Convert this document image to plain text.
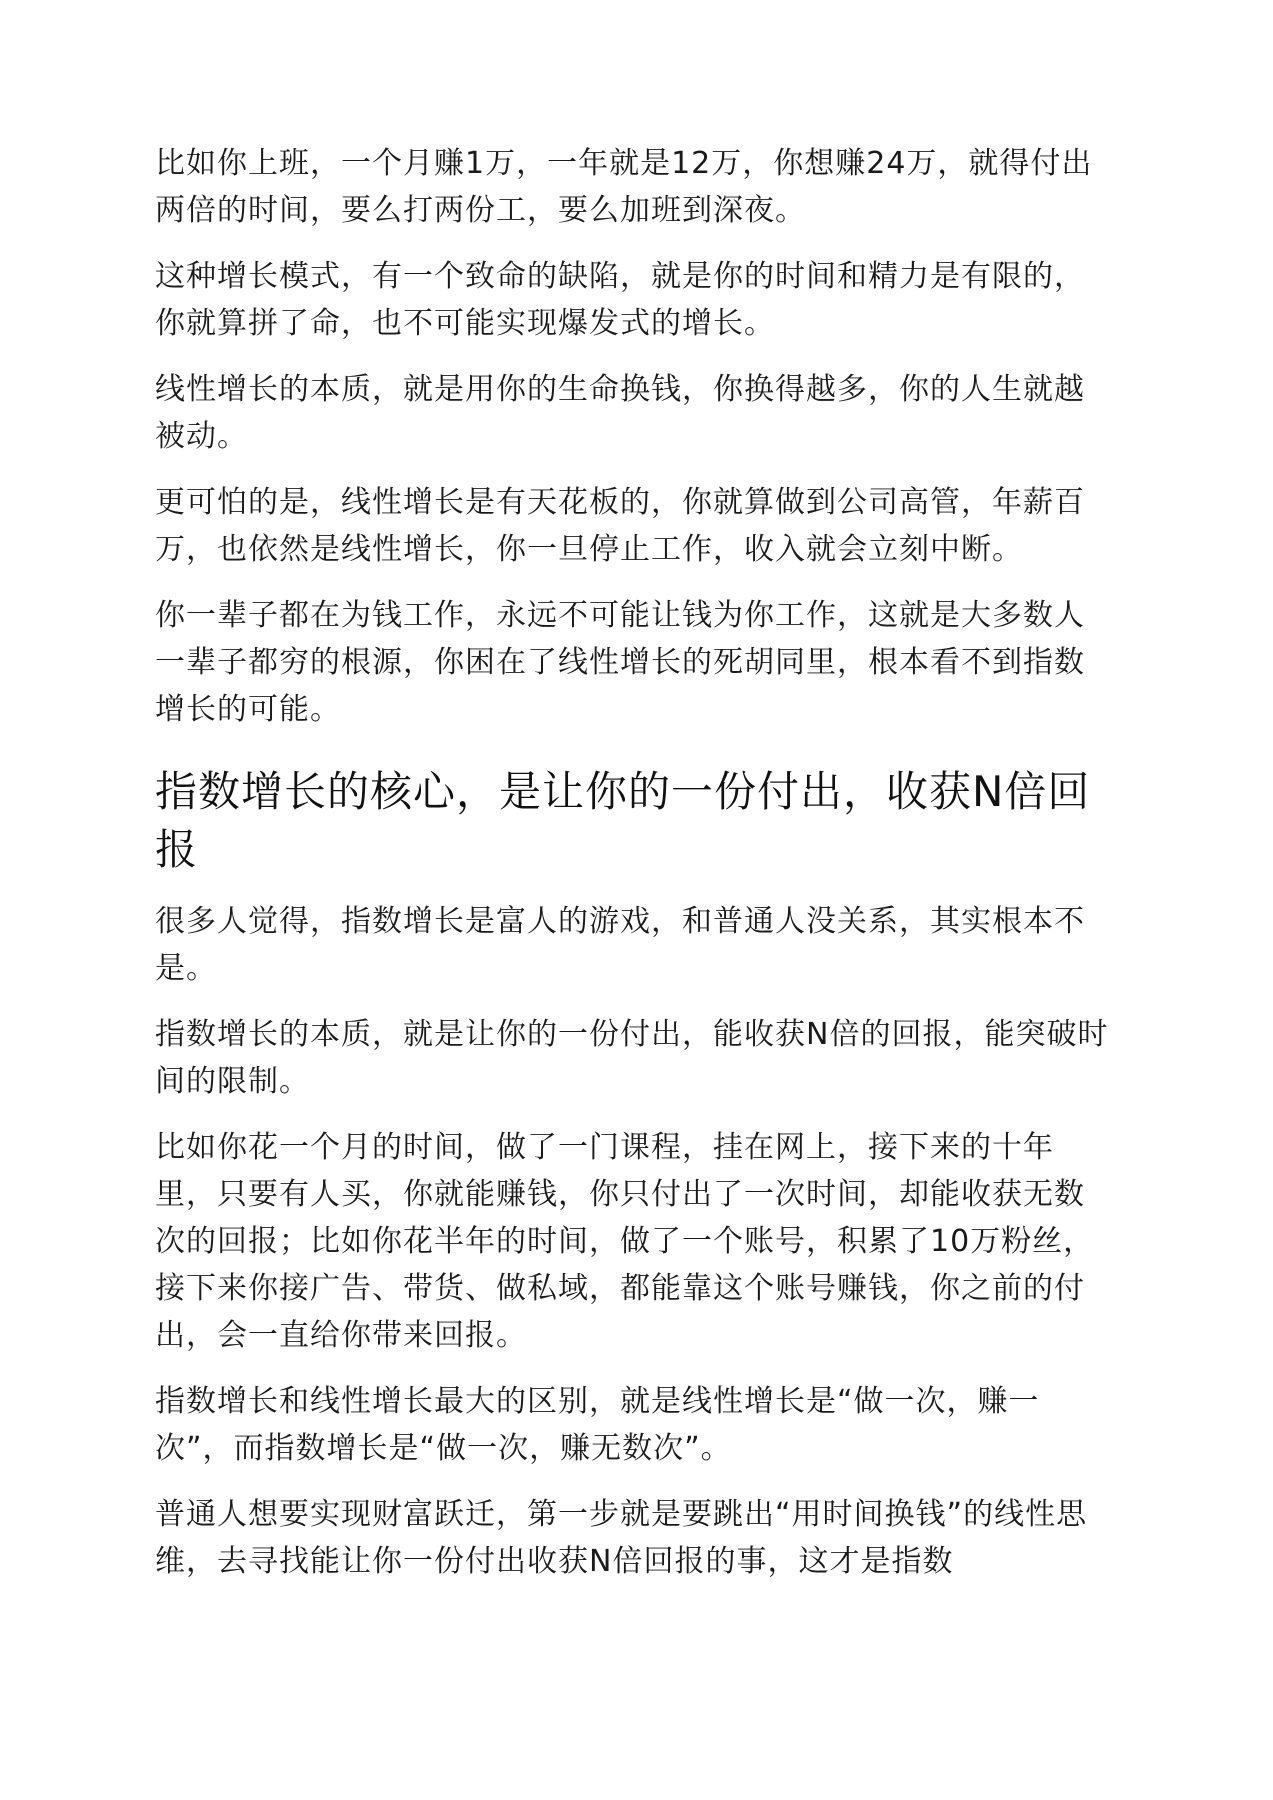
比如你上班，一个月赚1万，一年就是12万，你想赚24万，就得付出两倍的时间，要么打两份工，要么加班到深夜。

这种增长模式，有一个致命的缺陷，就是你的时间和精力是有限的，你就算拼了命，也不可能实现爆发式的增长。

线性增长的本质，就是用你的生命换钱，你换得越多，你的人生就越被动。

更可怕的是，线性增长是有天花板的，你就算做到公司高管，年薪百万，也依然是线性增长，你一旦停止工作，收入就会立刻中断。

你一辈子都在为钱工作，永远不可能让钱为你工作，这就是大多数人一辈子都穷的根源，你困在了线性增长的死胡同里，根本看不到指数增长的可能。

指数增长的核心，是让你的一份付出，收获N倍回报

很多人觉得，指数增长是富人的游戏，和普通人没关系，其实根本不是。

指数增长的本质，就是让你的一份付出，能收获N倍的回报，能突破时间的限制。

比如你花一个月的时间，做了一门课程，挂在网上，接下来的十年里，只要有人买，你就能赚钱，你只付出了一次时间，却能收获无数次的回报；比如你花半年的时间，做了一个账号，积累了10万粉丝，接下来你接广告、带货、做私域，都能靠这个账号赚钱，你之前的付出，会一直给你带来回报。

指数增长和线性增长最大的区别，就是线性增长是“做一次，赚一次”，而指数增长是“做一次，赚无数次”。

普通人想要实现财富跃迁，第一步就是要跳出“用时间换钱”的线性思维，去寻找能让你一份付出收获N倍回报的事，这才是指数
